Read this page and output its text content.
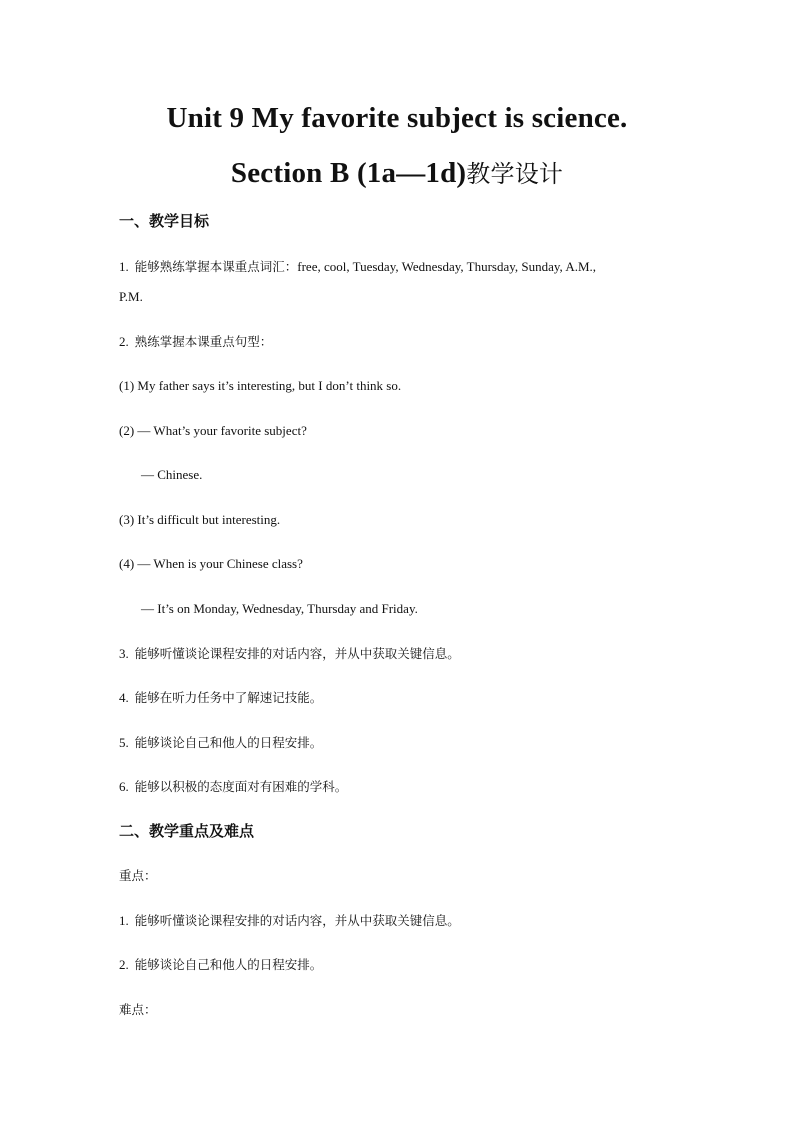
Unit 9 My favorite subject is science.
Section B (1a—1d)教学设计
一、教学目标
1. 能够熟练掌握本课重点词汇：free, cool, Tuesday, Wednesday, Thursday, Sunday, A.M.,
P.M.
2. 熟练掌握本课重点句型：
(1) My father says it’s interesting, but I don’t think so.
(2) — What’s your favorite subject?
— Chinese.
(3) It’s difficult but interesting.
(4) — When is your Chinese class?
— It’s on Monday, Wednesday, Thursday and Friday.
3. 能够听懂谈论课程安排的对话内容，并从中获取关键信息。
4. 能够在听力任务中了解速记技能。
5. 能够谈论自己和他人的日程安排。
6. 能够以积极的态度面对有困难的学科。
二、教学重点及难点
重点：
1. 能够听懂谈论课程安排的对话内容，并从中获取关键信息。
2. 能够谈论自己和他人的日程安排。
难点：
